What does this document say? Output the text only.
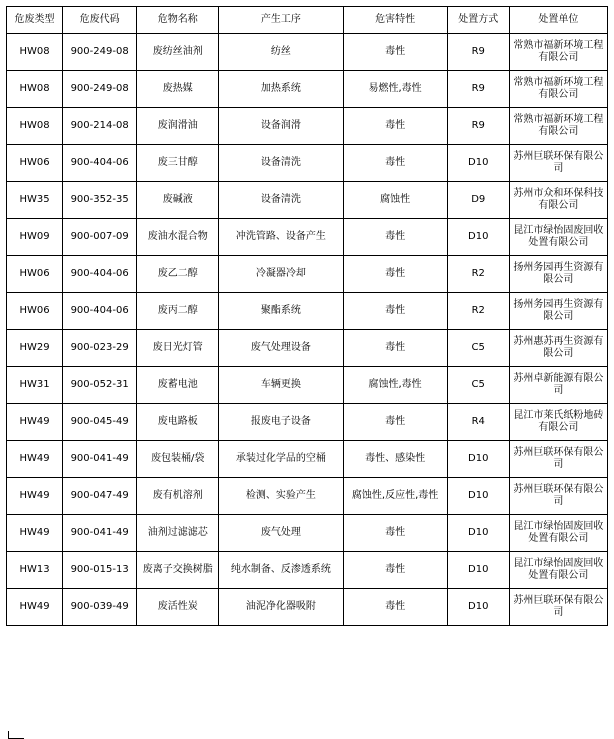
危废类型	危废代码	危物名称	产生工序	危害特性	处置方式	处置单位
HW08	900-249-08	废纺丝油剂	纺丝	毒性	R9	常熟市福新环境工程有限公司
HW08	900-249-08	废热媒	加热系统	易燃性,毒性	R9	常熟市福新环境工程有限公司
HW08	900-214-08	废润滑油	设备润滑	毒性	R9	常熟市福新环境工程有限公司
HW06	900-404-06	废三甘醇	设备清洗	毒性	D10	苏州巨联环保有限公司
HW35	900-352-35	废碱液	设备清洗	腐蚀性	D9	苏州市众和环保科技有限公司
HW09	900-007-09	废油水混合物	冲洗管路、设备产生	毒性	D10	昆江市绿怡固废回收处置有限公司
HW06	900-404-06	废乙二醇	冷凝器冷却	毒性	R2	扬州务园再生资源有限公司
HW06	900-404-06	废丙二醇	聚酯系统	毒性	R2	扬州务园再生资源有限公司
HW29	900-023-29	废日光灯管	废气处理设备	毒性	C5	苏州惠苏再生资源有限公司
HW31	900-052-31	废蓄电池	车辆更换	腐蚀性,毒性	C5	苏州卓新能源有限公司
HW49	900-045-49	废电路板	报废电子设备	毒性	R4	昆江市莱氏纸粉地砖有限公司
HW49	900-041-49	废包装桶/袋	承装过化学品的空桶	毒性、感染性	D10	苏州巨联环保有限公司
HW49	900-047-49	废有机溶剂	检测、实验产生	腐蚀性,反应性,毒性	D10	苏州巨联环保有限公司
HW49	900-041-49	油剂过滤滤芯	废气处理	毒性	D10	昆江市绿怡固废回收处置有限公司
HW13	900-015-13	废离子交换树脂	纯水制备、反渗透系统	毒性	D10	昆江市绿怡固废回收处置有限公司
HW49	900-039-49	废活性炭	油泥净化器吸附	毒性	D10	苏州巨联环保有限公司
